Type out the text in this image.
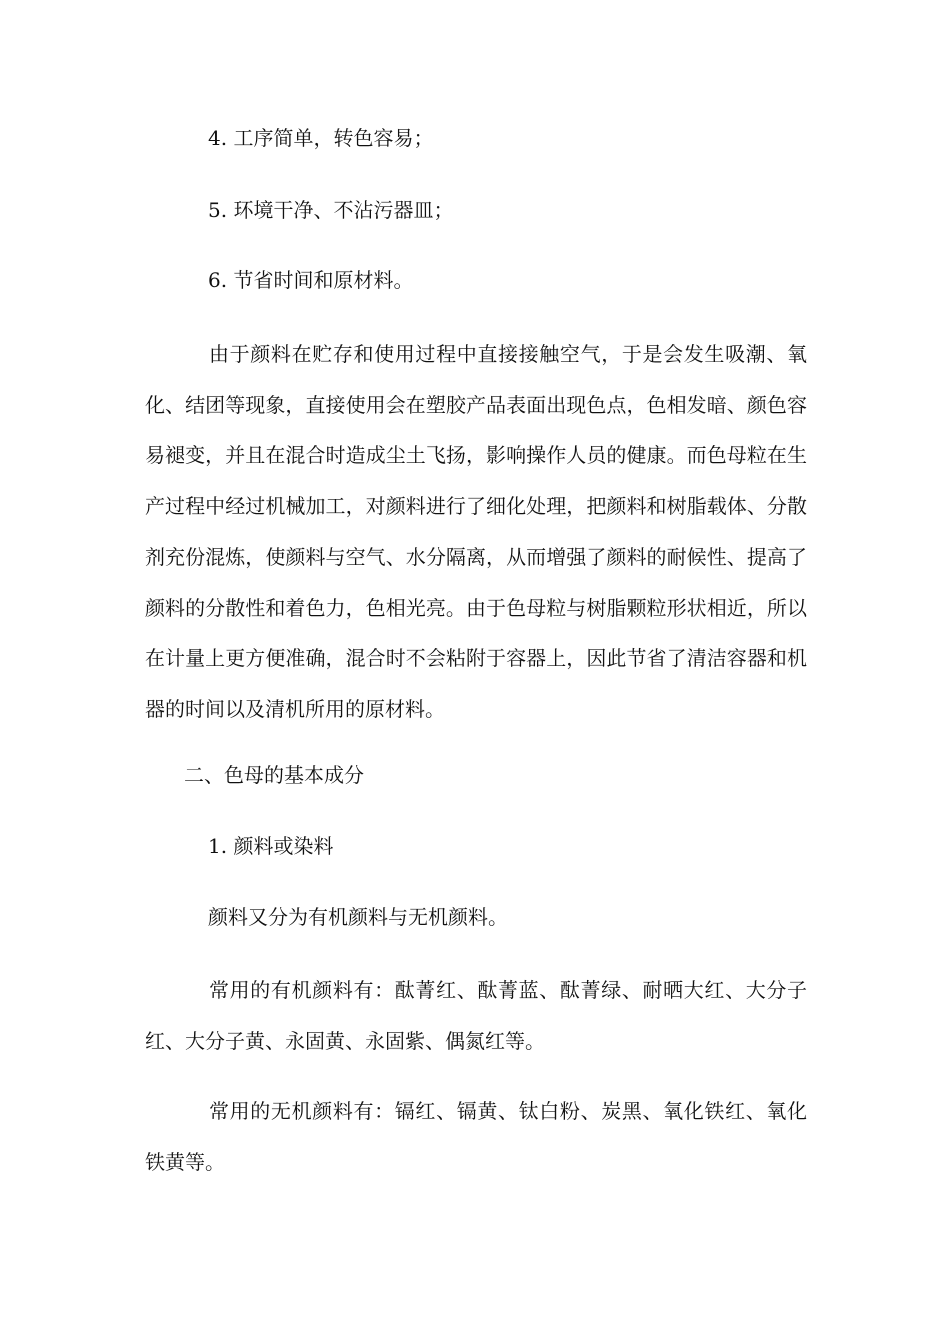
4. 工序简单，转色容易；
5. 环境干净、不沾污器皿；
6. 节省时间和原材料。

由于颜料在贮存和使用过程中直接接触空气，于是会发生吸潮、氧化、结团等现象，直接使用会在塑胶产品表面出现色点，色相发暗、颜色容易褪变，并且在混合时造成尘土飞扬，影响操作人员的健康。而色母粒在生产过程中经过机械加工，对颜料进行了细化处理，把颜料和树脂载体、分散剂充份混炼，使颜料与空气、水分隔离，从而增强了颜料的耐候性、提高了颜料的分散性和着色力，色相光亮。由于色母粒与树脂颗粒形状相近，所以在计量上更方便准确，混合时不会粘附于容器上，因此节省了清洁容器和机器的时间以及清机所用的原材料。

二、色母的基本成分
1. 颜料或染料
颜料又分为有机颜料与无机颜料。

常用的有机颜料有：酞菁红、酞菁蓝、酞菁绿、耐晒大红、大分子红、大分子黄、永固黄、永固紫、偶氮红等。

常用的无机颜料有：镉红、镉黄、钛白粉、炭黑、氧化铁红、氧化铁黄等。
